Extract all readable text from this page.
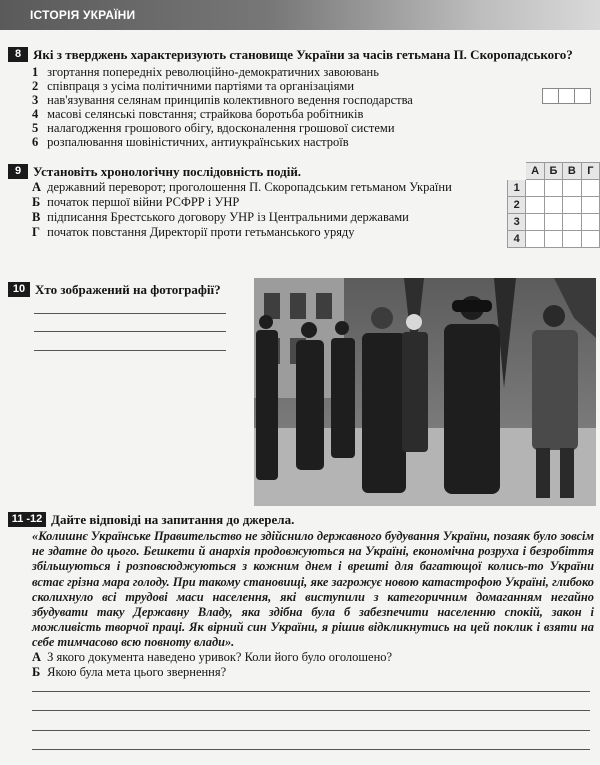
ІСТОРІЯ УКРАЇНИ
8 Які з тверджень характеризують становище України за часів гетьмана П. Скоропадського?
1 згортання попередніх революційно-демократичних завоювань
2 співпраця з усіма політичними партіями та організаціями
3 нав'язування селянам принципів колективного ведення господарства
4 масові селянські повстання; страйкова боротьба робітників
5 налагодження грошового обігу, вдосконалення грошової системи
6 розпалювання шовіністичних, антиукраїнських настроїв
9 Установіть хронологічну послідовність подій.
А державний переворот; проголошення П. Скоропадським гетьманом України
Б початок першої війни РСФРР і УНР
В підписання Брестського договору УНР із Центральними державами
Г початок повстання Директорії проти гетьманського уряду
	А	Б	В	Г
1				
2				
3				
4				
10 Хто зображений на фотографії?
11 -12 Дайте відповіді на запитання до джерела.
«Колишнє Українське Правительство не здійснило державного будування України, позаяк було зовсім не здатне до цього. Бешкети й анархія продовжуються на Україні, економічна розруха і безробіття збільшуються і розповсюджуються з кожним днем і врешті для багатющої колись-то України встає грізна мара голоду. При такому становищі, яке загрожує новою катастрофою Україні, глибоко сколихнуло всі трудові маси населення, які виступили з категоричним домаганням негайно збудувати таку Державну Владу, яка здібна була б забезпечити населенню спокій, закон і можливість творчої праці. Як вірний син України, я рішив відкликнутись на цей поклик і взяти на себе тимчасово всю повноту влади».
А З якого документа наведено уривок? Коли його було оголошено?
Б Якою була мета цього звернення?
